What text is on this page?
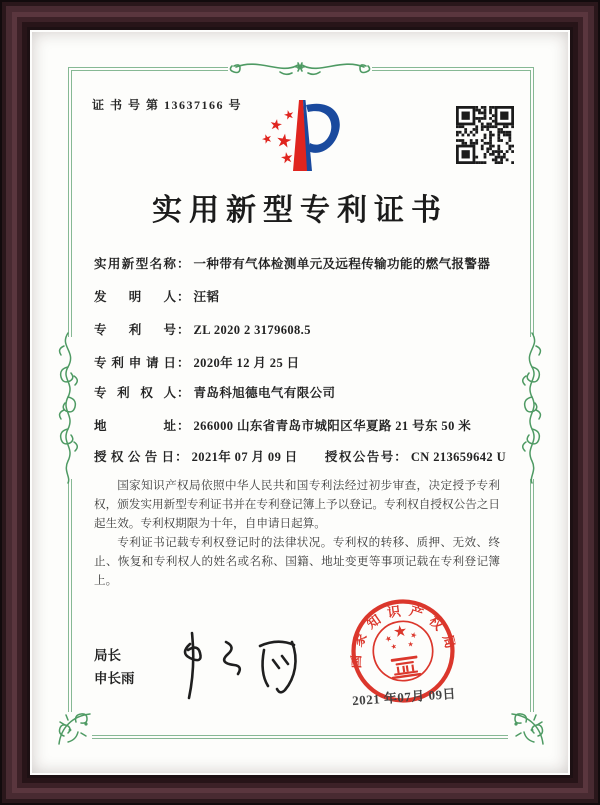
证 书 号 第 13637166 号
实用新型专利证书
实用新型名称 ： 一种带有气体检测单元及远程传输功能的燃气报警器
发明人 ： 汪韬
专利号 ： ZL 2020 2 3179608.5
专利申请日 ： 2020年 12 月 25 日
专利权人 ： 青岛科旭德电气有限公司
地址 ： 266000 山东省青岛市城阳区华夏路 21 号东 50 米
授权公告日 ： 2021年 07 月 09 日	授权公告号 ： CN 213659642 U

国家知识产权局依照中华人民共和国专利法经过初步审查，决定授予专利权，颁发实用新型专利证书并在专利登记簿上予以登记。专利权自授权公告之日起生效。专利权期限为十年，自申请日起算。

专利证书记载专利权登记时的法律状况。专利权的转移、质押、无效、终止、恢复和专利权人的姓名或名称、国籍、地址变更等事项记载在专利登记簿上。

局长
申长雨
国家知识产权局
2021 年07月 09日
